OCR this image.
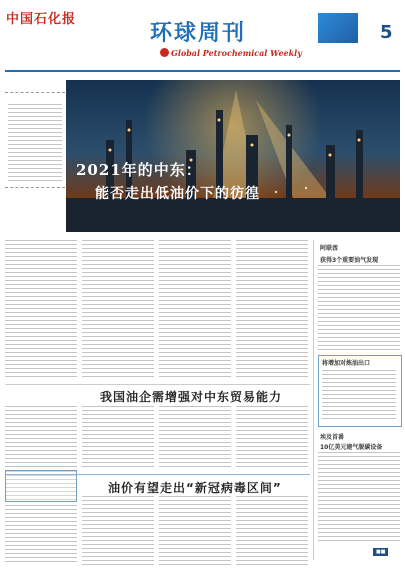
中国石化报
环球周刊
Global Petrochemical Weekly
5
2021年的中东：
能否走出低油价下的彷徨
我国油企需增强对中东贸易能力
油价有望走出“新冠病毒区间”
阿联酋
获得3个重要油气发现
将增加对炼油出口
埃及首番
10亿美元建气脱碳设备
■■
